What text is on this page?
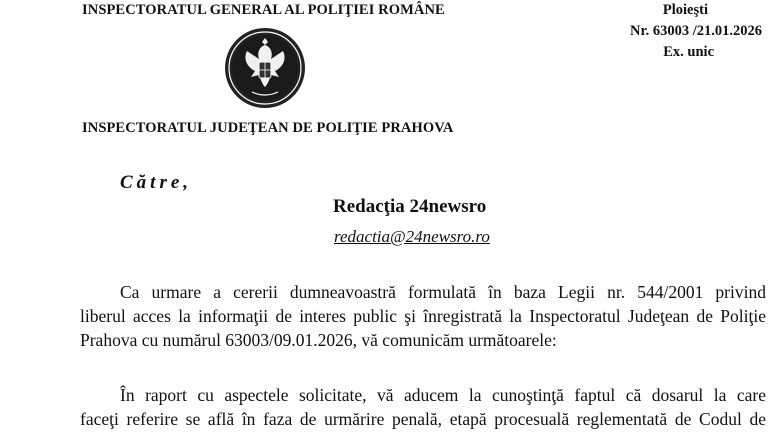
INSPECTORATUL GENERAL AL POLIŢIEI ROMÂNE	Ploieşti
Nr. 63003 /21.01.2026
Ex. unic
INSPECTORATUL JUDEŢEAN DE POLIŢIE PRAHOVA
Către,
Redacţia 24newsro
redactia@24newsro.ro
Ca urmare a cererii dumneavoastră formulată în baza Legii nr. 544/2001 privind
liberul acces la informaţii de interes public şi înregistrată la Inspectoratul Judeţean de Poliţie
Prahova cu numărul 63003/09.01.2026, vă comunicăm următoarele:
În raport cu aspectele solicitate, vă aducem la cunoştinţă faptul că dosarul la care
faceţi referire se află în faza de urmărire penală, etapă procesuală reglementată de Codul de
